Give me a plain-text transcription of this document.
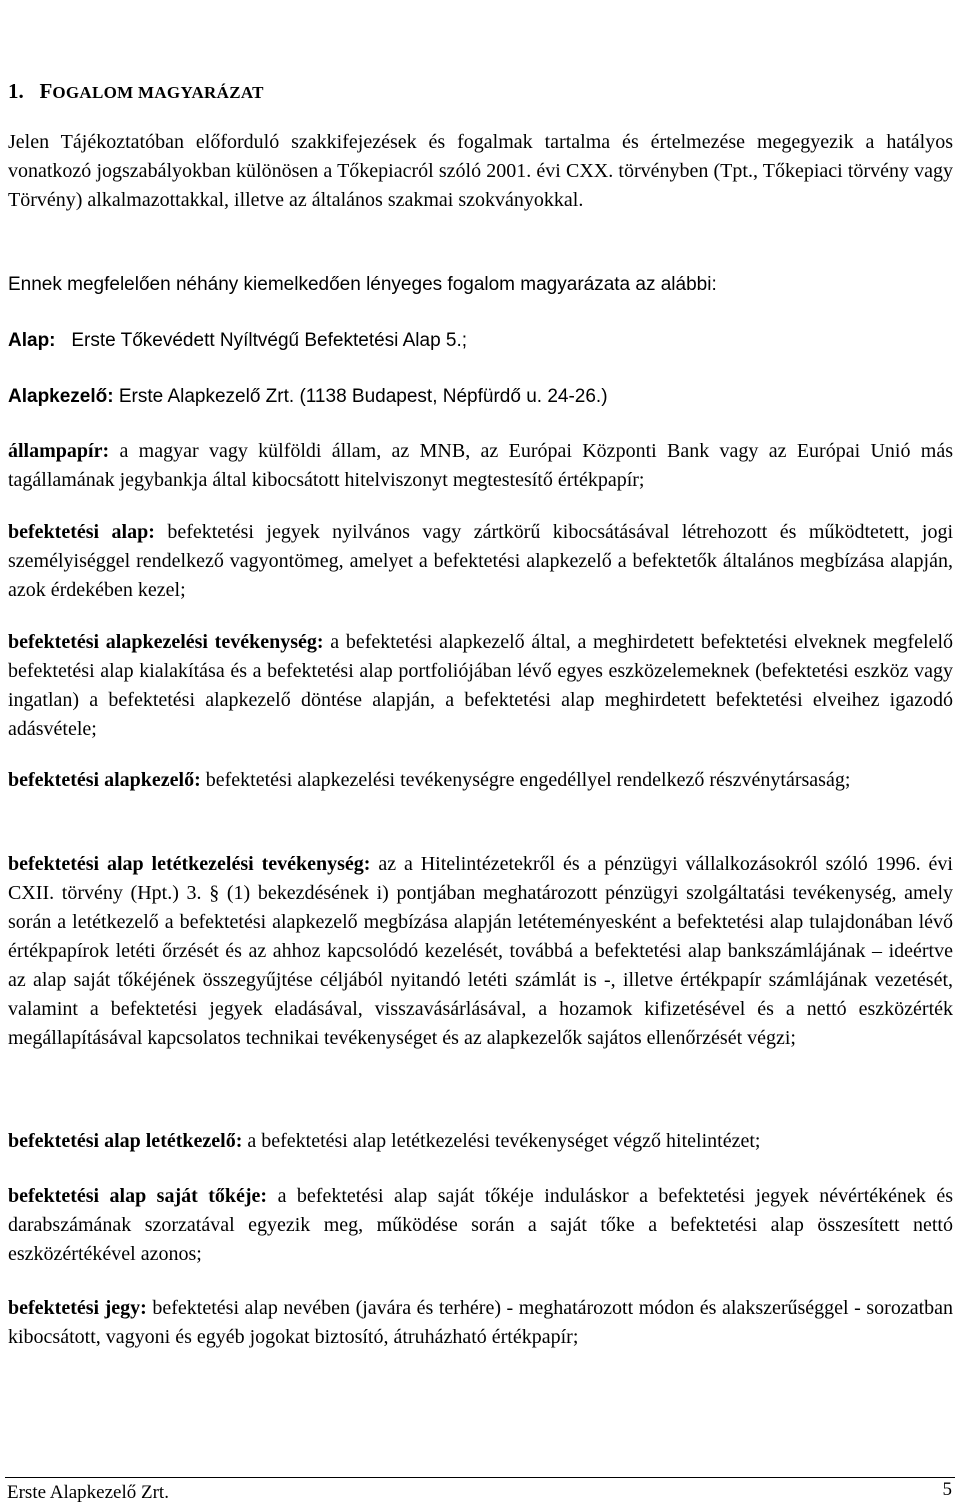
1. FOGALOM MAGYARÁZAT

Jelen Tájékoztatóban előforduló szakkifejezések és fogalmak tartalma és értelmezése megegyezik a hatályos vonatkozó jogszabályokban különösen a Tőkepiacról szóló 2001. évi CXX. törvényben (Tpt., Tőkepiaci törvény vagy Törvény) alkalmazottakkal, illetve az általános szakmai szokványokkal.

Ennek megfelelően néhány kiemelkedően lényeges fogalom magyarázata az alábbi:

Alap: Erste Tőkevédett Nyíltvégű Befektetési Alap 5.;

Alapkezelő: Erste Alapkezelő Zrt. (1138 Budapest, Népfürdő u. 24-26.)

állampapír: a magyar vagy külföldi állam, az MNB, az Európai Központi Bank vagy az Európai Unió más tagállamának jegybankja által kibocsátott hitelviszonyt megtestesítő értékpapír;

befektetési alap: befektetési jegyek nyilvános vagy zártkörű kibocsátásával létrehozott és működtetett, jogi személyiséggel rendelkező vagyontömeg, amelyet a befektetési alapkezelő a befektetők általános megbízása alapján, azok érdekében kezel;

befektetési alapkezelési tevékenység: a befektetési alapkezelő által, a meghirdetett befektetési elveknek megfelelő befektetési alap kialakítása és a befektetési alap portfoliójában lévő egyes eszközelemeknek (befektetési eszköz vagy ingatlan) a befektetési alapkezelő döntése alapján, a befektetési alap meghirdetett befektetési elveihez igazodó adásvétele;

befektetési alapkezelő: befektetési alapkezelési tevékenységre engedéllyel rendelkező részvénytársaság;

befektetési alap letétkezelési tevékenység: az a Hitelintézetekről és a pénzügyi vállalkozásokról szóló 1996. évi CXII. törvény (Hpt.) 3. § (1) bekezdésének i) pontjában meghatározott pénzügyi szolgáltatási tevékenység, amely során a letétkezelő a befektetési alapkezelő megbízása alapján letéteményesként a befektetési alap tulajdonában lévő értékpapírok letéti őrzését és az ahhoz kapcsolódó kezelését, továbbá a befektetési alap bankszámlájának – ideértve az alap saját tőkéjének összegyűjtése céljából nyitandó letéti számlát is -, illetve értékpapír számlájának vezetését, valamint a befektetési jegyek eladásával, visszavásárlásával, a hozamok kifizetésével és a nettó eszközérték megállapításával kapcsolatos technikai tevékenységet és az alapkezelők sajátos ellenőrzését végzi;

befektetési alap letétkezelő: a befektetési alap letétkezelési tevékenységet végző hitelintézet;

befektetési alap saját tőkéje: a befektetési alap saját tőkéje induláskor a befektetési jegyek névértékének és darabszámának szorzatával egyezik meg, működése során a saját tőke a befektetési alap összesített nettó eszközértékével azonos;

befektetési jegy: befektetési alap nevében (javára és terhére) - meghatározott módon és alakszerűséggel - sorozatban kibocsátott, vagyoni és egyéb jogokat biztosító, átruházható értékpapír;

Erste Alapkezelő Zrt.	5
